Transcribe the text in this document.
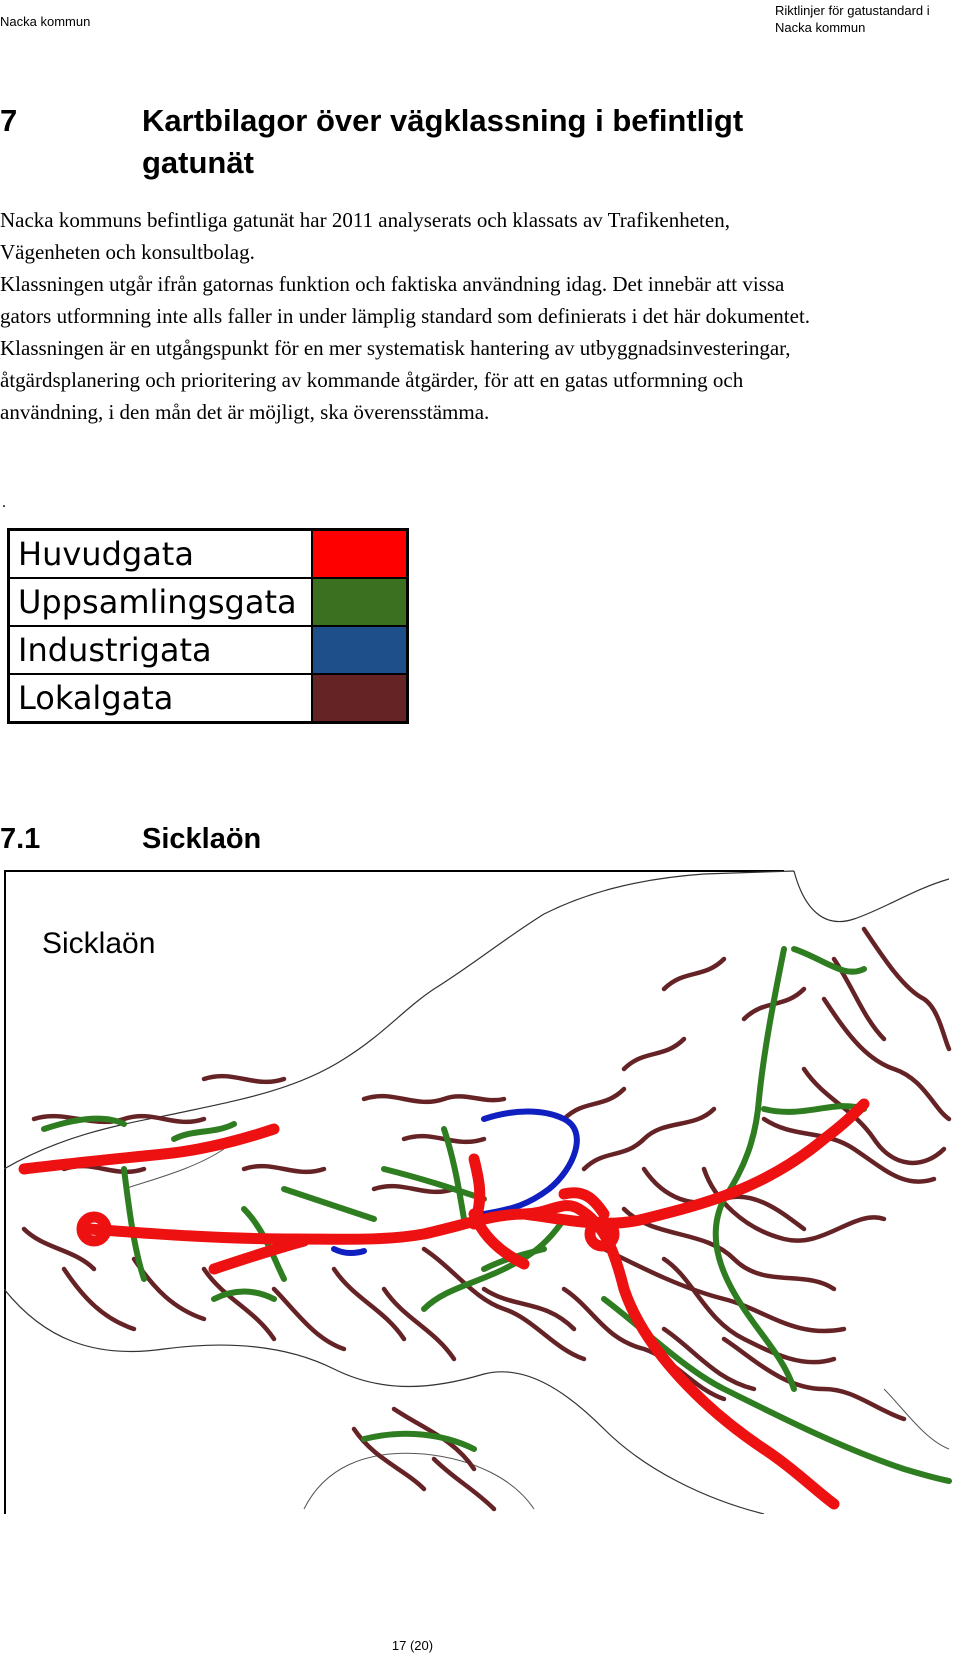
Nacka kommun
Riktlinjer för gatustandard i Nacka kommun
7	Kartbilagor över vägklassning i befintligt gatunät

Nacka kommuns befintliga gatunät har 2011 analyserats och klassats av Trafikenheten, Vägenheten och konsultbolag.

Klassningen utgår ifrån gatornas funktion och faktiska användning idag. Det innebär att vissa gators utformning inte alls faller in under lämplig standard som definierats i det här dokumentet. Klassningen är en utgångspunkt för en mer systematisk hantering av utbyggnadsinvesteringar, åtgärdsplanering och prioritering av kommande åtgärder, för att en gatas utformning och användning, i den mån det är möjligt, ska överensstämma.

.
Huvudgata	
Uppsamlingsgata	
Industrigata	
Lokalgata	
7.1	Sicklaön
Sicklaön
17 (20)
